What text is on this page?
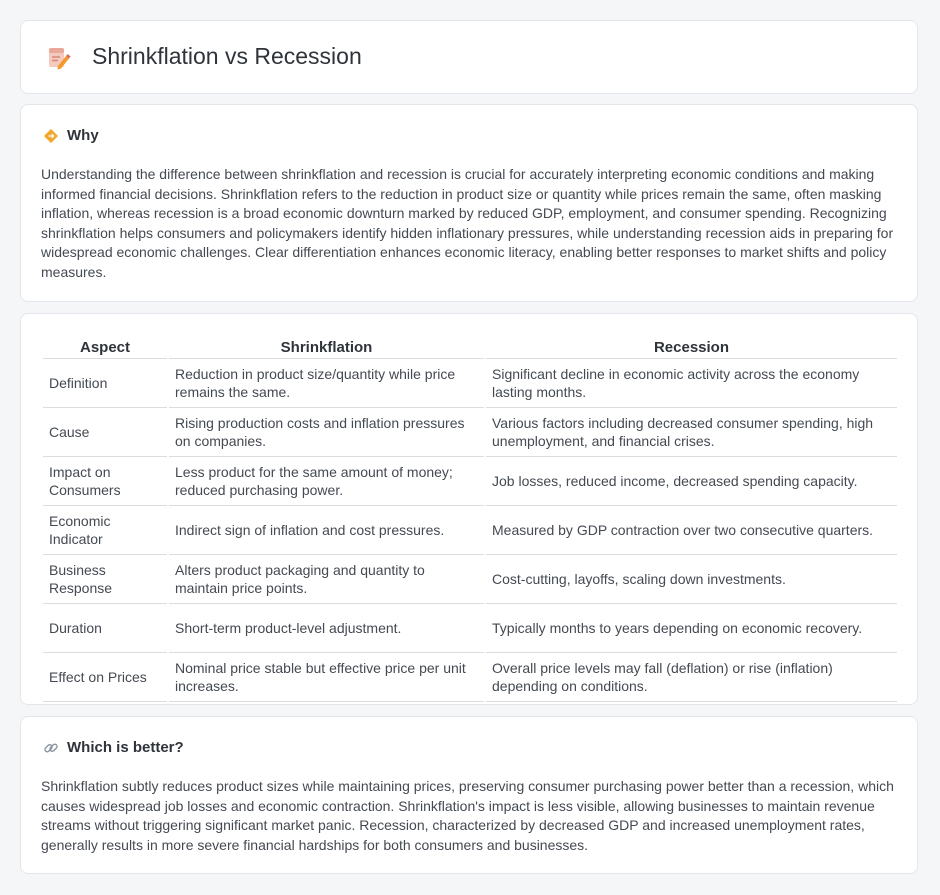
Shrinkflation vs Recession
Why

Understanding the difference between shrinkflation and recession is crucial for accurately interpreting economic conditions and making informed financial decisions. Shrinkflation refers to the reduction in product size or quantity while prices remain the same, often masking inflation, whereas recession is a broad economic downturn marked by reduced GDP, employment, and consumer spending. Recognizing shrinkflation helps consumers and policymakers identify hidden inflationary pressures, while understanding recession aids in preparing for widespread economic challenges. Clear differentiation enhances economic literacy, enabling better responses to market shifts and policy measures.

Aspect	Shrinkflation	Recession
Definition	Reduction in product size/quantity while price remains the same.	Significant decline in economic activity across the economy lasting months.
Cause	Rising production costs and inflation pressures on companies.	Various factors including decreased consumer spending, high unemployment, and financial crises.
Impact on Consumers	Less product for the same amount of money; reduced purchasing power.	Job losses, reduced income, decreased spending capacity.
Economic Indicator	Indirect sign of inflation and cost pressures.	Measured by GDP contraction over two consecutive quarters.
Business Response	Alters product packaging and quantity to maintain price points.	Cost-cutting, layoffs, scaling down investments.
Duration	Short-term product-level adjustment.	Typically months to years depending on economic recovery.
Effect on Prices	Nominal price stable but effective price per unit increases.	Overall price levels may fall (deflation) or rise (inflation) depending on conditions.
Which is better?

Shrinkflation subtly reduces product sizes while maintaining prices, preserving consumer purchasing power better than a recession, which causes widespread job losses and economic contraction. Shrinkflation's impact is less visible, allowing businesses to maintain revenue streams without triggering significant market panic. Recession, characterized by decreased GDP and increased unemployment rates, generally results in more severe financial hardships for both consumers and businesses.
